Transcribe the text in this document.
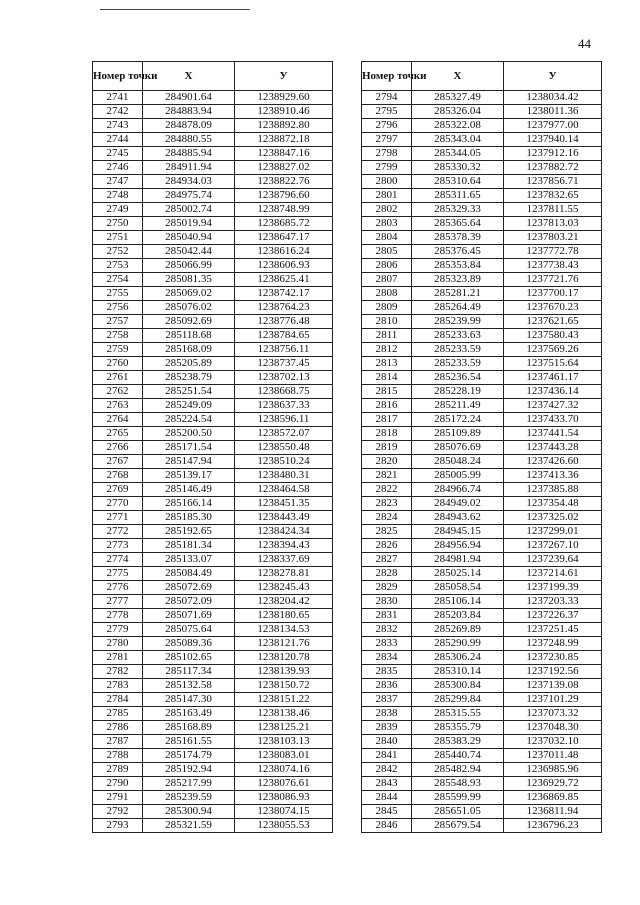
44
Номер точки	X	У
2741	284901.64	1238929.60
2742	284883.94	1238910.46
2743	284878.09	1238892.80
2744	284880.55	1238872.18
2745	284885.94	1238847.16
2746	284911.94	1238827.02
2747	284934.03	1238822.76
2748	284975.74	1238796.60
2749	285002.74	1238748.99
2750	285019.94	1238685.72
2751	285040.94	1238647.17
2752	285042.44	1238616.24
2753	285066.99	1238606.93
2754	285081.35	1238625.41
2755	285069.02	1238742.17
2756	285076.02	1238764.23
2757	285092.69	1238776.48
2758	285118.68	1238784.65
2759	285168.09	1238756.11
2760	285205.89	1238737.45
2761	285238.79	1238702.13
2762	285251.54	1238668.75
2763	285249.09	1238637.33
2764	285224.54	1238596.11
2765	285200.50	1238572.07
2766	285171.54	1238550.48
2767	285147.94	1238510.24
2768	285139.17	1238480.31
2769	285146.49	1238464.58
2770	285166.14	1238451.35
2771	285185.30	1238443.49
2772	285192.65	1238424.34
2773	285181.34	1238394.43
2774	285133.07	1238337.69
2775	285084.49	1238278.81
2776	285072.69	1238245.43
2777	285072.09	1238204.42
2778	285071.69	1238180.65
2779	285075.64	1238134.53
2780	285089.36	1238121.76
2781	285102.65	1238120.78
2782	285117.34	1238139.93
2783	285132.58	1238150.72
2784	285147.30	1238151.22
2785	285163.49	1238138.46
2786	285168.89	1238125.21
2787	285161.55	1238103.13
2788	285174.79	1238083.01
2789	285192.94	1238074.16
2790	285217.99	1238076.61
2791	285239.59	1238086.93
2792	285300.94	1238074.15
2793	285321.59	1238055.53
Номер точки	X	У
2794	285327.49	1238034.42
2795	285326.04	1238011.36
2796	285322.08	1237977.00
2797	285343.04	1237940.14
2798	285344.05	1237912.16
2799	285330.32	1237882.72
2800	285310.64	1237856.71
2801	285311.65	1237832.65
2802	285329.33	1237811.55
2803	285365.64	1237813.03
2804	285378.39	1237803.21
2805	285376.45	1237772.78
2806	285353.84	1237738.43
2807	285323.89	1237721.76
2808	285281.21	1237700.17
2809	285264.49	1237670.23
2810	285239.99	1237621.65
2811	285233.63	1237580.43
2812	285233.59	1237569.26
2813	285233.59	1237515.64
2814	285236.54	1237461.17
2815	285228.19	1237436.14
2816	285211.49	1237427.32
2817	285172.24	1237433.70
2818	285109.89	1237441.54
2819	285076.69	1237443.28
2820	285048.24	1237426.60
2821	285005.99	1237413.36
2822	284966.74	1237385.88
2823	284949.02	1237354.48
2824	284943.62	1237325.02
2825	284945.15	1237299.01
2826	284956.94	1237267.10
2827	284981.94	1237239.64
2828	285025.14	1237214.61
2829	285058.54	1237199.39
2830	285106.14	1237203.33
2831	285203.84	1237226.37
2832	285269.89	1237251.45
2833	285290.99	1237248.99
2834	285306.24	1237230.85
2835	285310.14	1237192.56
2836	285300.84	1237139.08
2837	285299.84	1237101.29
2838	285315.55	1237073.32
2839	285355.79	1237048.30
2840	285383.29	1237032.10
2841	285440.74	1237011.48
2842	285482.94	1236985.96
2843	285548.93	1236929.72
2844	285599.99	1236869.85
2845	285651.05	1236811.94
2846	285679.54	1236796.23
